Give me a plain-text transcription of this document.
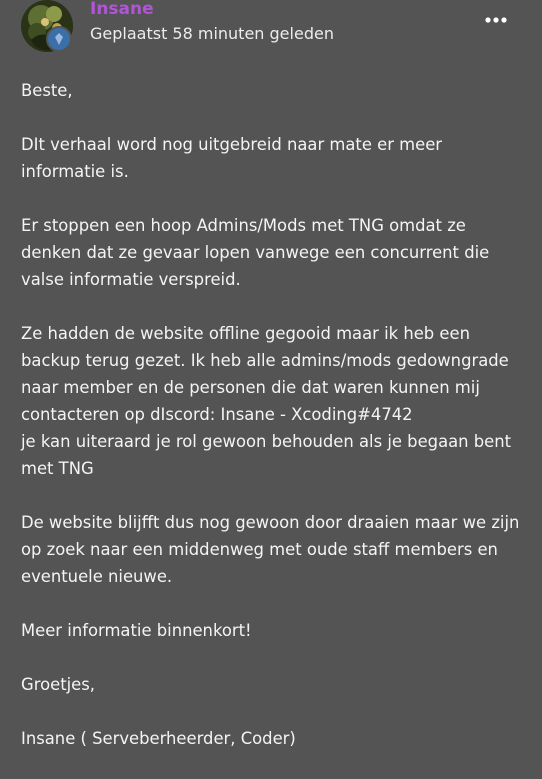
Insane
Geplaatst 58 minuten geleden

Beste,

DIt verhaal word nog uitgebreid naar mate er meer informatie is.

Er stoppen een hoop Admins/Mods met TNG omdat ze denken dat ze gevaar lopen vanwege een concurrent die valse informatie verspreid.

Ze hadden de website offline gegooid maar ik heb een backup terug gezet. Ik heb alle admins/mods gedowngrade naar member en de personen die dat waren kunnen mij contacteren op dIscord: Insane - Xcoding#4742
je kan uiteraard je rol gewoon behouden als je begaan bent met TNG

De website blijfft dus nog gewoon door draaien maar we zijn op zoek naar een middenweg met oude staff members en eventuele nieuwe.

Meer informatie binnenkort!

Groetjes,

Insane ( Serveberheerder, Coder)
